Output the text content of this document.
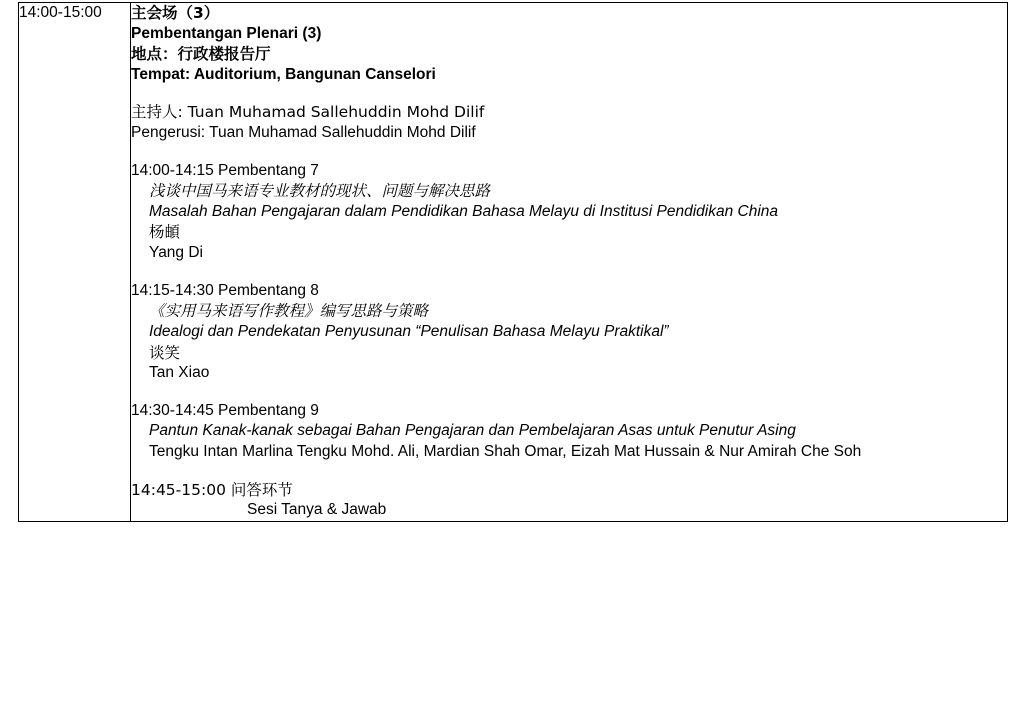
14:00-15:00	主会场（3）
Pembentangan Plenari (3)
地点：行政楼报告厅
Tempat: Auditorium, Bangunan Canselori
主持人: Tuan Muhamad Sallehuddin Mohd Dilif
Pengerusi: Tuan Muhamad Sallehuddin Mohd Dilif
14:00-14:15 Pembentang 7
浅谈中国马来语专业教材的现状、问题与解决思路
Masalah Bahan Pengajaran dalam Pendidikan Bahasa Melayu di Institusi Pendidikan China
杨頔
Yang Di
14:15-14:30 Pembentang 8
《实用马来语写作教程》编写思路与策略
Idealogi dan Pendekatan Penyusunan “Penulisan Bahasa Melayu Praktikal”
谈笑
Tan Xiao
14:30-14:45 Pembentang 9
Pantun Kanak-kanak sebagai Bahan Pengajaran dan Pembelajaran Asas untuk Penutur Asing
Tengku Intan Marlina Tengku Mohd. Ali, Mardian Shah Omar, Eizah Mat Hussain & Nur Amirah Che Soh
14:45-15:00 问答环节
Sesi Tanya & Jawab
